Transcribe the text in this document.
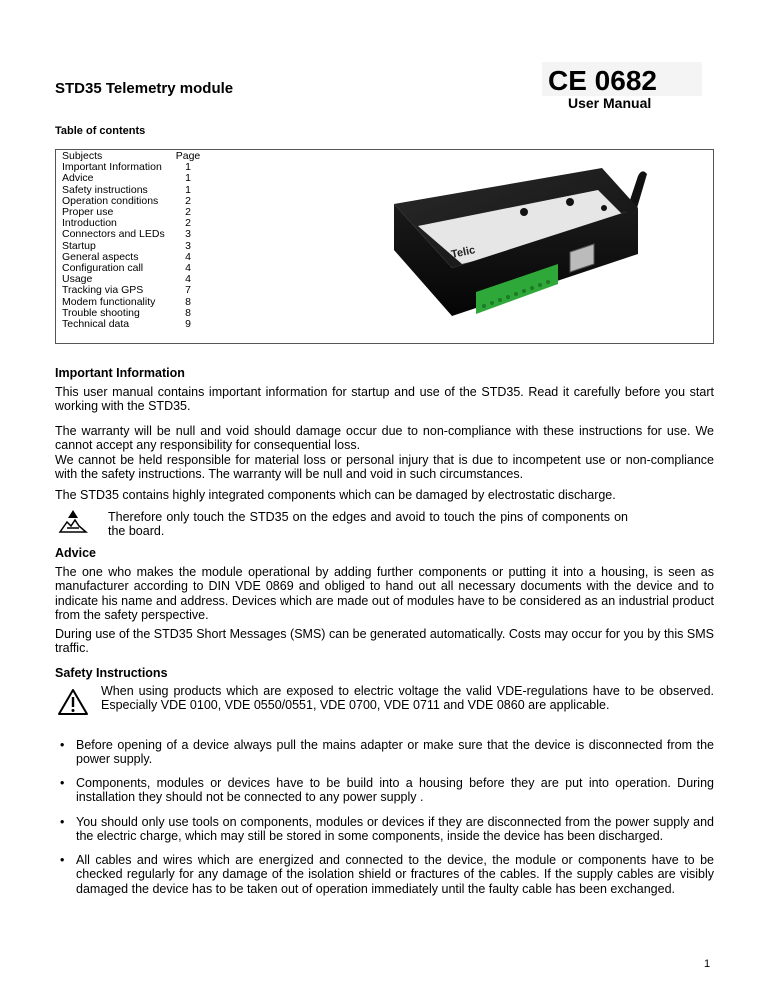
STD35 Telemetry module	CE 0682
User Manual
Table of contents
Subjects	Page
Important Information	1
Advice	1
Safety instructions	1
Operation conditions	2
Proper use	2
Introduction	2
Connectors and LEDs	3
Startup	3
General aspects	4
Configuration call	4
Usage	4
Tracking via GPS	7
Modem functionality	8
Trouble shooting	8
Technical data	9
Telic
Important Information
This user manual contains important information for startup and use of the STD35. Read it carefully before you start working with the STD35.
The warranty will be null and void should damage occur due to non-compliance with these instructions for use. We cannot accept any responsibility for consequential loss.
We cannot be held responsible for material loss or personal injury that is due to incompetent use or non-compliance with the safety instructions. The warranty will be null and void in such circumstances.
The STD35 contains highly integrated components which can be damaged by electrostatic discharge.
Therefore only touch the STD35 on the edges and avoid to touch the pins of components on the board.
Advice
The one who makes the module operational by adding further components or putting it into a housing, is seen as manufacturer according to DIN VDE 0869 and obliged to hand out all necessary documents with the device and to indicate his name and address. Devices which are made out of modules have to be considered as an industrial product from the safety perspective.
During use of the STD35 Short Messages (SMS) can be generated automatically. Costs may occur for you by this SMS traffic.
Safety Instructions
When using products which are exposed to electric voltage the valid VDE-regulations have to be observed. Especially VDE 0100, VDE 0550/0551, VDE 0700, VDE 0711 and VDE 0860 are applicable.
• Before opening of a device always pull the mains adapter or make sure that the device is disconnected from the power supply.
• Components, modules or devices have to be build into a housing before they are put into operation. During installation they should not be connected to any power supply .
• You should only use tools on components, modules or devices if they are disconnected from the power supply and the electric charge, which may still be stored in some components, inside the device has been discharged.
• All cables and wires which are energized and connected to the device, the module or components have to be checked regularly for any damage of the isolation shield or fractures of the cables. If the supply cables are visibly damaged the device has to be taken out of operation immediately until the faulty cable has been exchanged.
1
